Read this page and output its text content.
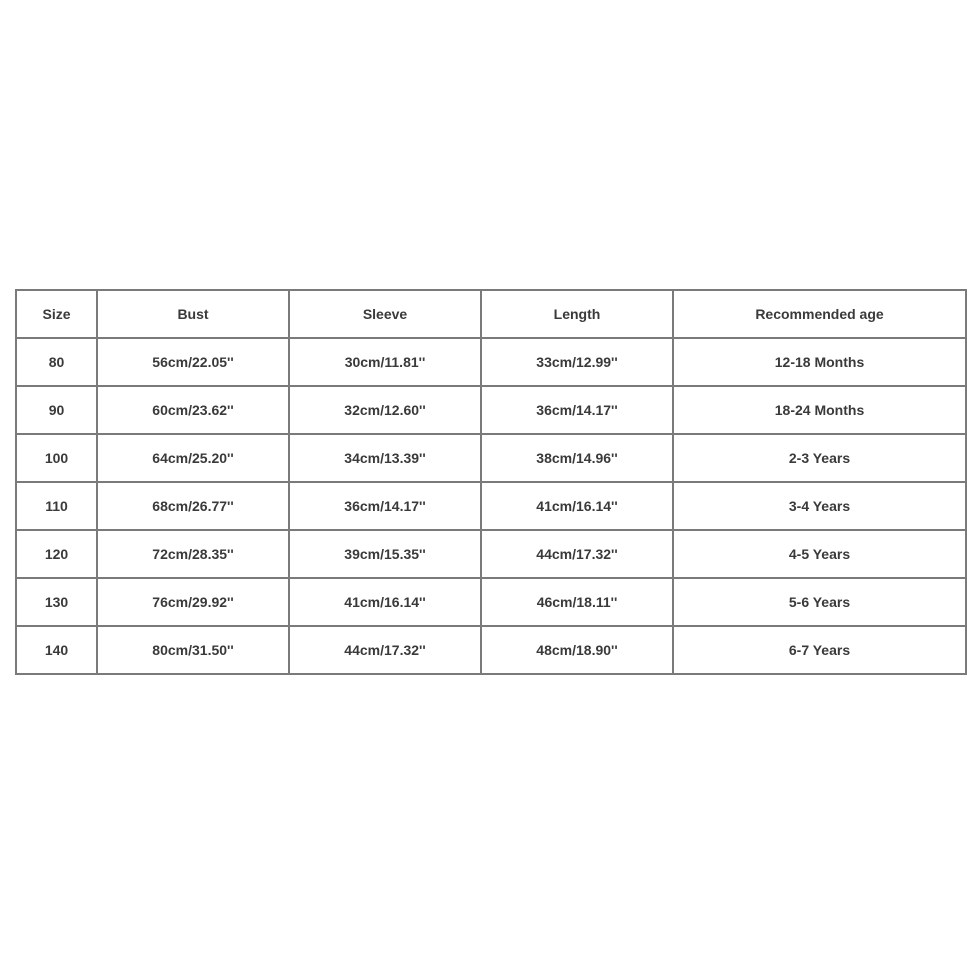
Size	Bust	Sleeve	Length	Recommended age
80	56cm/22.05''	30cm/11.81''	33cm/12.99''	12-18 Months
90	60cm/23.62''	32cm/12.60''	36cm/14.17''	18-24 Months
100	64cm/25.20''	34cm/13.39''	38cm/14.96''	2-3 Years
110	68cm/26.77''	36cm/14.17''	41cm/16.14''	3-4 Years
120	72cm/28.35''	39cm/15.35''	44cm/17.32''	4-5 Years
130	76cm/29.92''	41cm/16.14''	46cm/18.11''	5-6 Years
140	80cm/31.50''	44cm/17.32''	48cm/18.90''	6-7 Years
